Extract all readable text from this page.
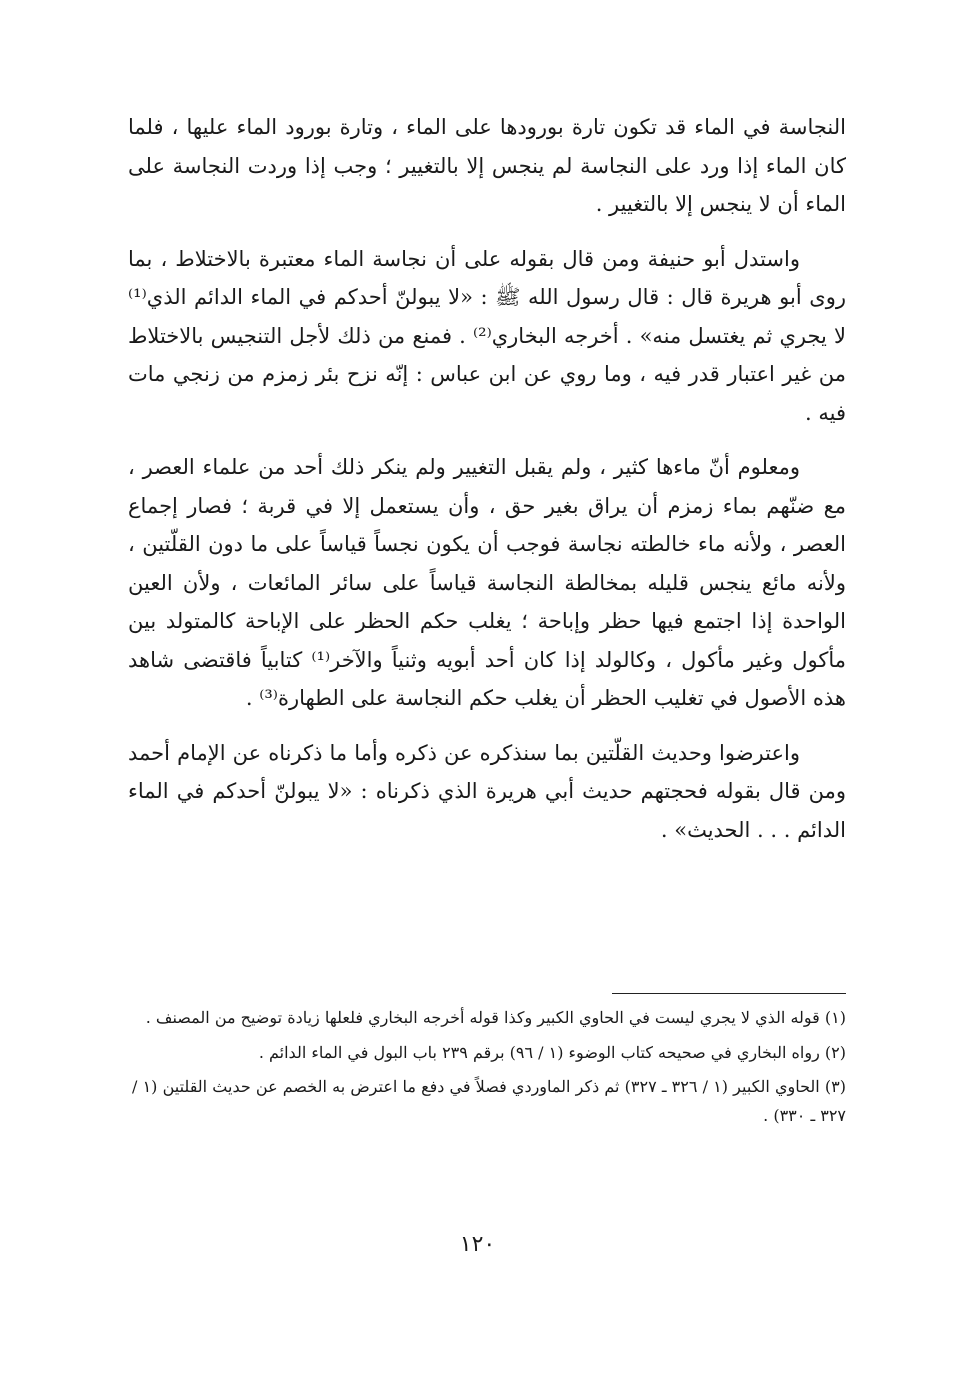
النجاسة في الماء قد تكون تارة بورودها على الماء ، وتارة بورود الماء عليها ، فلما كان الماء إذا ورد على النجاسة لم ينجس إلا بالتغيير ؛ وجب إذا وردت النجاسة على الماء أن لا ينجس إلا بالتغيير .

واستدل أبو حنيفة ومن قال بقوله على أن نجاسة الماء معتبرة بالاختلاط ، بما روى أبو هريرة قال : قال رسول الله ﷺ : «لا يبولنّ أحدكم في الماء الدائم الذي⁽¹⁾ لا يجري ثم يغتسل منه» . أخرجه البخاري⁽²⁾ . فمنع من ذلك لأجل التنجيس بالاختلاط من غير اعتبار قدر فيه ، وما روي عن ابن عباس : إنّه نزح بئر زمزم من زنجي مات فيه .

ومعلوم أنّ ماءها كثير ، ولم يقبل التغيير ولم ينكر ذلك أحد من علماء العصر ، مع ضنّهم بماء زمزم أن يراق بغير حق ، وأن يستعمل إلا في قربة ؛ فصار إجماع العصر ، ولأنه ماء خالطته نجاسة فوجب أن يكون نجساً قياساً على ما دون القلّتين ، ولأنه مائع ينجس قليله بمخالطة النجاسة قياساً على سائر المائعات ، ولأن العين الواحدة إذا اجتمع فيها حظر وإباحة ؛ يغلب حكم الحظر على الإباحة كالمتولد بين مأكول وغير مأكول ، وكالولد إذا كان أحد أبويه وثنياً والآخر⁽¹⁾ كتابياً فاقتضى شاهد هذه الأصول في تغليب الحظر أن يغلب حكم النجاسة على الطهارة⁽³⁾ .

واعترضوا وحديث القلّتين بما سنذكره عن ذكره وأما ما ذكرناه عن الإمام أحمد ومن قال بقوله فحجتهم حديث أبي هريرة الذي ذكرناه : «لا يبولنّ أحدكم في الماء الدائم . . . الحديث» .

(١) قوله الذي لا يجري ليست في الحاوي الكبير وكذا قوله أخرجه البخاري فلعلها زيادة توضيح من المصنف .

(٢) رواه البخاري في صحيحه كتاب الوضوء (١ / ٩٦) برقم ٢٣٩ باب البول في الماء الدائم .

(٣) الحاوي الكبير (١ / ٣٢٦ ـ ٣٢٧) ثم ذكر الماوردي فصلاً في دفع ما اعترض به الخصم عن حديث القلتين (١ / ٣٢٧ ـ ٣٣٠) .

١٢٠
